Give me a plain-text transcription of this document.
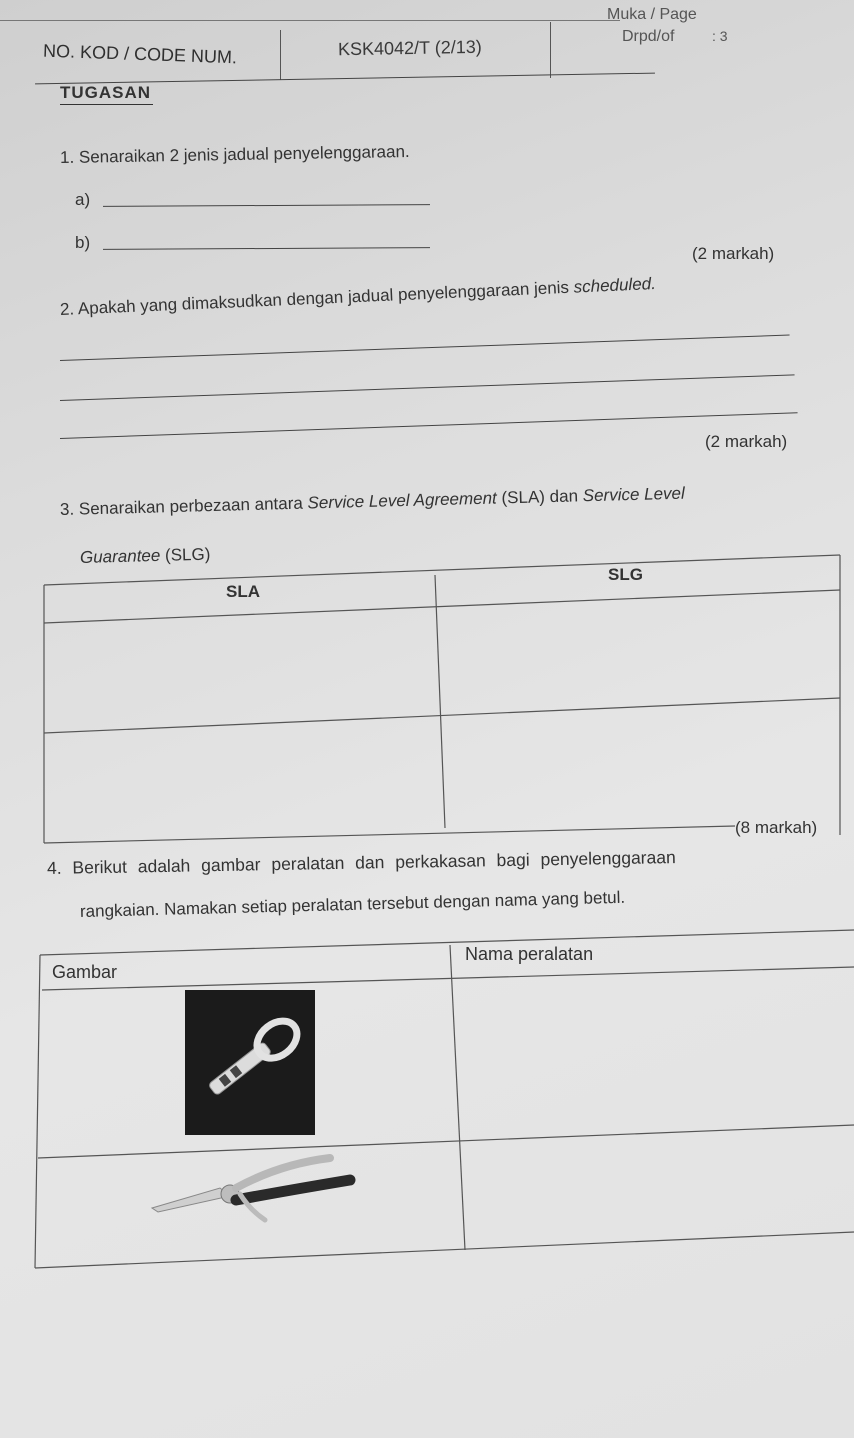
Muka / Page
Drpd/of	: 3
NO. KOD / CODE NUM.	KSK4042/T (2/13)
TUGASAN
1. Senaraikan 2 jenis jadual penyelenggaraan.
a)
b)
(2 markah)
2. Apakah yang dimaksudkan dengan jadual penyelenggaraan jenis scheduled.
(2 markah)
3. Senaraikan perbezaan antara Service Level Agreement (SLA) dan Service Level
Guarantee (SLG)
SLA
SLG
(8 markah)
4. Berikut adalah gambar peralatan dan perkakasan bagi penyelenggaraan
rangkaian. Namakan setiap peralatan tersebut dengan nama yang betul.
Gambar
Nama peralatan
